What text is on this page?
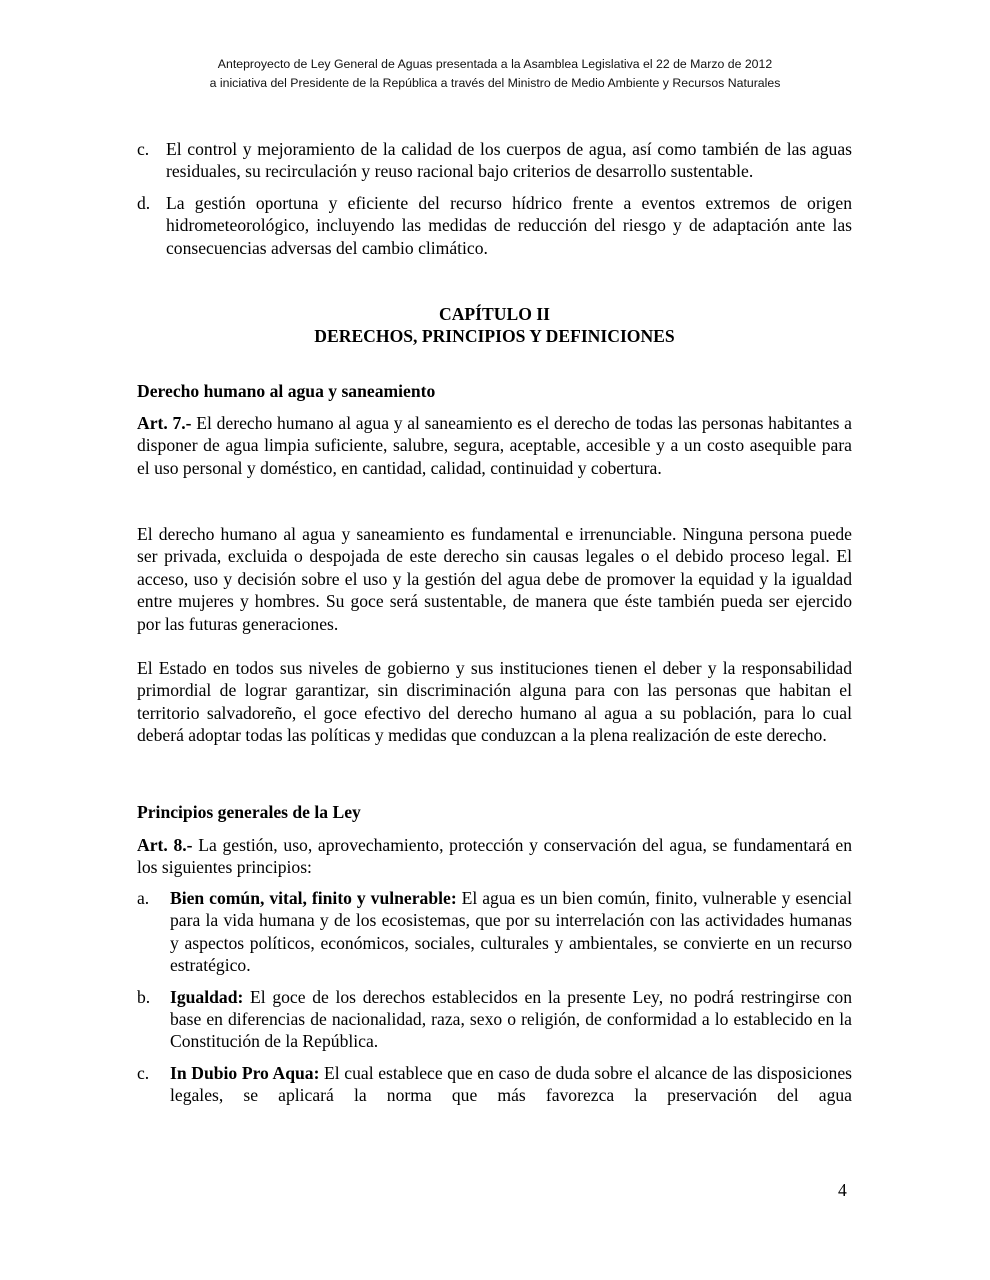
Anteproyecto de Ley General de Aguas presentada a la Asamblea Legislativa el 22 de Marzo de 2012
a iniciativa del Presidente de la República a través del Ministro de Medio Ambiente y Recursos Naturales
c. El control y mejoramiento de la calidad de los cuerpos de agua, así como también de las aguas residuales, su recirculación y reuso racional bajo criterios de desarrollo sustentable.
d. La gestión oportuna y eficiente del recurso hídrico frente a eventos extremos de origen hidrometeorológico, incluyendo las medidas de reducción del riesgo y de adaptación ante las consecuencias adversas del cambio climático.
CAPÍTULO II
DERECHOS, PRINCIPIOS Y DEFINICIONES
Derecho humano al agua y saneamiento
Art. 7.- El derecho humano al agua y al saneamiento es el derecho de todas las personas habitantes a disponer de agua limpia suficiente, salubre, segura, aceptable, accesible y a un costo asequible para el uso personal y doméstico, en cantidad, calidad, continuidad y cobertura.
El derecho humano al agua y saneamiento es fundamental e irrenunciable. Ninguna persona puede ser privada, excluida o despojada de este derecho sin causas legales o el debido proceso legal. El acceso, uso y decisión sobre el uso y la gestión del agua debe de promover la equidad y la igualdad entre mujeres y hombres. Su goce será sustentable, de manera que éste también pueda ser ejercido por las futuras generaciones.
El Estado en todos sus niveles de gobierno y sus instituciones tienen el deber y la responsabilidad primordial de lograr garantizar, sin discriminación alguna para con las personas que habitan el territorio salvadoreño, el goce efectivo del derecho humano al agua a su población, para lo cual deberá adoptar todas las políticas y medidas que conduzcan a la plena realización de este derecho.
Principios generales de la Ley
Art. 8.- La gestión, uso, aprovechamiento, protección y conservación del agua, se fundamentará en los siguientes principios:
a.	Bien común, vital, finito y vulnerable: El agua es un bien común, finito, vulnerable y esencial para la vida humana y de los ecosistemas, que por su interrelación con las actividades humanas y aspectos políticos, económicos, sociales, culturales y ambientales, se convierte en un recurso estratégico.
b.	Igualdad: El goce de los derechos establecidos en la presente Ley, no podrá restringirse con base en diferencias de nacionalidad, raza, sexo o religión, de conformidad a lo establecido en la Constitución de la República.
c.	In Dubio Pro Aqua: El cual establece que en caso de duda sobre el alcance de las disposiciones legales, se aplicará la norma que más favorezca la preservación del agua
4
